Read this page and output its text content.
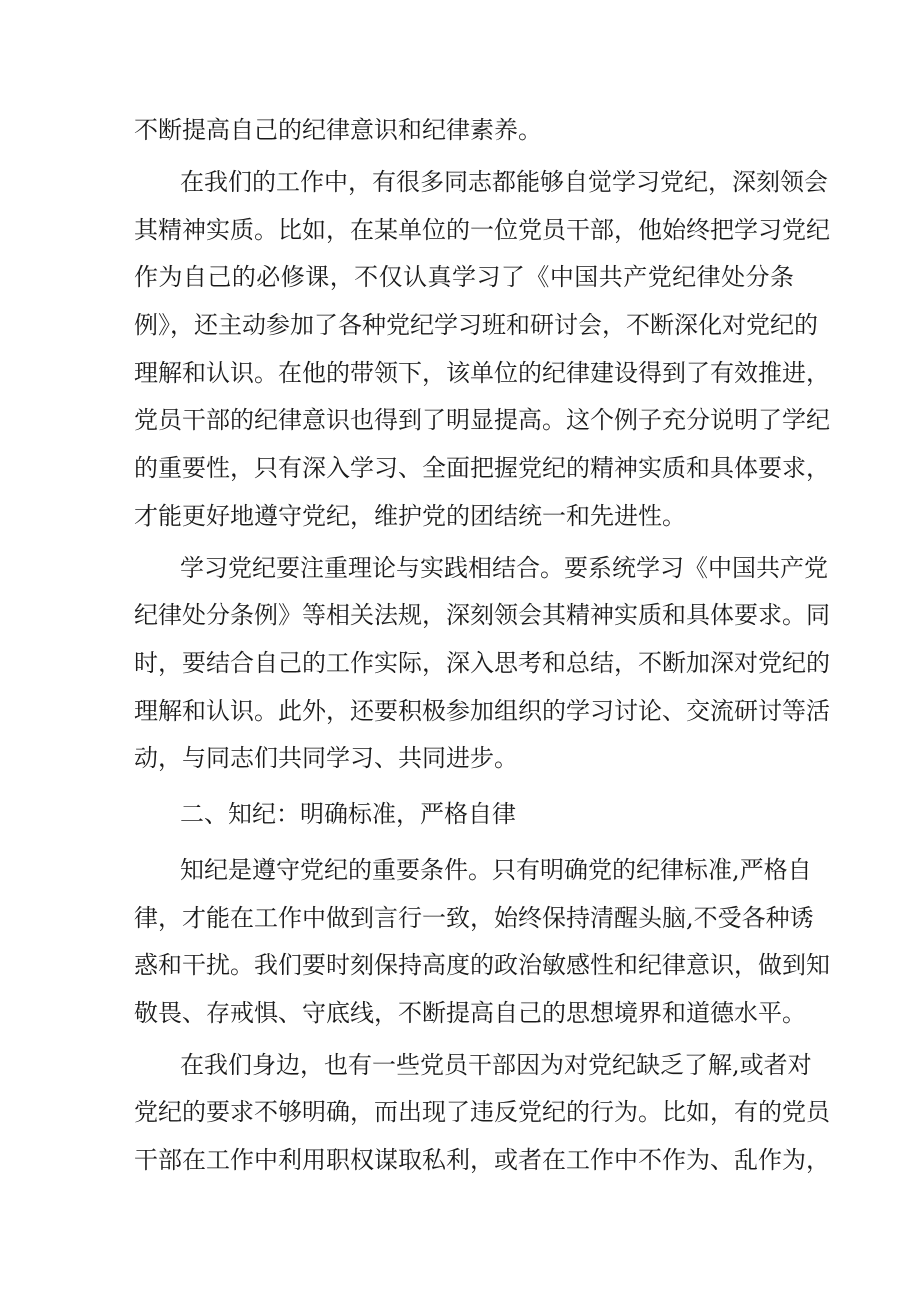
不断提高自己的纪律意识和纪律素养。
在我们的工作中，有很多同志都能够自觉学习党纪，深刻领会
其精神实质。比如，在某单位的一位党员干部，他始终把学习党纪
作为自己的必修课，不仅认真学习了《中国共产党纪律处分条
例》，还主动参加了各种党纪学习班和研讨会，不断深化对党纪的
理解和认识。在他的带领下，该单位的纪律建设得到了有效推进，
党员干部的纪律意识也得到了明显提高。这个例子充分说明了学纪
的重要性，只有深入学习、全面把握党纪的精神实质和具体要求，
才能更好地遵守党纪，维护党的团结统一和先进性。
学习党纪要注重理论与实践相结合。要系统学习《中国共产党
纪律处分条例》等相关法规，深刻领会其精神实质和具体要求。同
时，要结合自己的工作实际，深入思考和总结，不断加深对党纪的
理解和认识。此外，还要积极参加组织的学习讨论、交流研讨等活
动，与同志们共同学习、共同进步。
二、知纪：明确标准，严格自律
知纪是遵守党纪的重要条件。只有明确党的纪律标准,严格自
律，才能在工作中做到言行一致，始终保持清醒头脑,不受各种诱
惑和干扰。我们要时刻保持高度的政治敏感性和纪律意识，做到知
敬畏、存戒惧、守底线，不断提高自己的思想境界和道德水平。
在我们身边，也有一些党员干部因为对党纪缺乏了解,或者对
党纪的要求不够明确，而出现了违反党纪的行为。比如，有的党员
干部在工作中利用职权谋取私利，或者在工作中不作为、乱作为，
